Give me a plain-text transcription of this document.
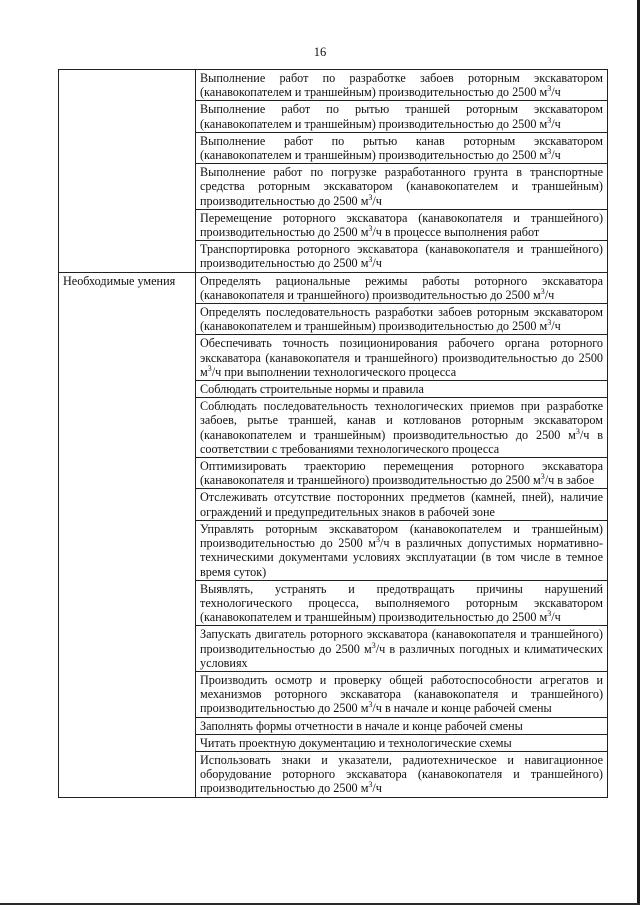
16

	Выполнение работ по разработке забоев роторным экскаватором (канавокопателем и траншейным) производительностью до 2500 $м^3/ч$

	Выполнение работ по рытью траншей роторным экскаватором (канавокопателем и траншейным) производительностью до 2500 $м^3/ч$

	Выполнение работ по рытью канав роторным экскаватором (канавокопателем и траншейным) производительностью до 2500 $м^3/ч$

	Выполнение работ по погрузке разработанного грунта в транспортные средства роторным экскаватором (канавокопателем и траншейным) производительностью до 2500 $м^3/ч$

	Перемещение роторного экскаватора (канавокопателя и траншейного) производительностью до 2500 $м^3/ч$ в процессе выполнения работ

	Транспортировка роторного экскаватора (канавокопателя и траншейного) производительностью до 2500 $м^3/ч$

Необходимые умения	Определять рациональные режимы работы роторного экскаватора (канавокопателя и траншейного) производительностью до 2500 $м^3/ч$

	Определять последовательность разработки забоев роторным экскаватором (канавокопателем и траншейным) производительностью до 2500 $м^3/ч$

	Обеспечивать точность позиционирования рабочего органа роторного экскаватора (канавокопателя и траншейного) производительностью до 2500 $м^3/ч$ при выполнении технологического процесса

	Соблюдать строительные нормы и правила

	Соблюдать последовательность технологических приемов при разработке забоев, рытье траншей, канав и котлованов роторным экскаватором (канавокопателем и траншейным) производительностью до 2500 $м^3/ч$ в соответствии с требованиями технологического процесса

	Оптимизировать траекторию перемещения роторного экскаватора (канавокопателя и траншейного) производительностью до 2500 $м^3/ч$ в забое

	Отслеживать отсутствие посторонних предметов (камней, пней), наличие ограждений и предупредительных знаков в рабочей зоне

	Управлять роторным экскаватором (канавокопателем и траншейным) производительностью до 2500 $м^3/ч$ в различных допустимых нормативно-техническими документами условиях эксплуатации (в том числе в темное время суток)

	Выявлять, устранять и предотвращать причины нарушений технологического процесса, выполняемого роторным экскаватором (канавокопателем и траншейным) производительностью до 2500 $м^3/ч$

	Запускать двигатель роторного экскаватора (канавокопателя и траншейного) производительностью до 2500 $м^3/ч$ в различных погодных и климатических условиях

	Производить осмотр и проверку общей работоспособности агрегатов и механизмов роторного экскаватора (канавокопателя и траншейного) производительностью до 2500 $м^3/ч$ в начале и конце рабочей смены

	Заполнять формы отчетности в начале и конце рабочей смены

	Читать проектную документацию и технологические схемы

	Использовать знаки и указатели, радиотехническое и навигационное оборудование роторного экскаватора (канавокопателя и траншейного) производительностью до 2500 $м^3/ч$
